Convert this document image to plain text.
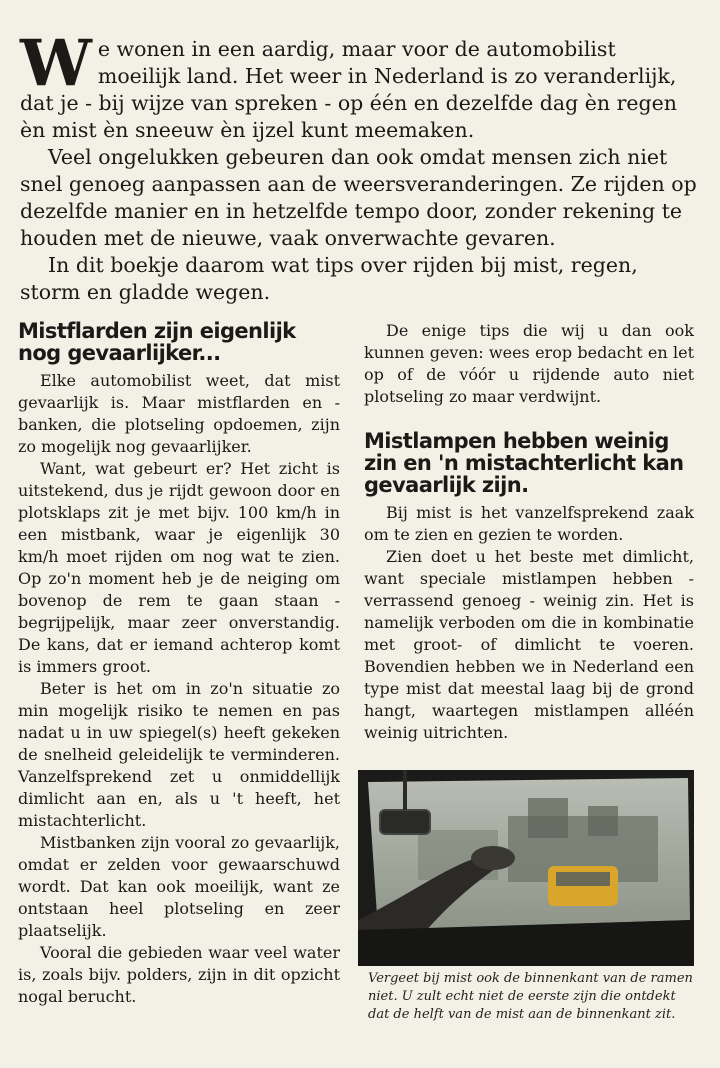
We wonen in een aardig, maar voor de automobilist moeilijk land. Het weer in Nederland is zo veranderlijk, dat je - bij wijze van spreken - op één en dezelfde dag èn regen èn mist èn sneeuw èn ijzel kunt meemaken.

Veel ongelukken gebeuren dan ook omdat mensen zich niet snel genoeg aanpassen aan de weersveranderingen. Ze rijden op dezelfde manier en in hetzelfde tempo door, zonder rekening te houden met de nieuwe, vaak onverwachte gevaren.

In dit boekje daarom wat tips over rijden bij mist, regen, storm en gladde wegen.

Mistflarden zijn eigenlijk nog gevaarlijker...

Elke automobilist weet, dat mist gevaarlijk is. Maar mistflarden en -banken, die plotseling opdoemen, zijn zo mogelijk nog gevaarlijker.

Want, wat gebeurt er? Het zicht is uitstekend, dus je rijdt gewoon door en plotsklaps zit je met bijv. 100 km/h in een mistbank, waar je eigenlijk 30 km/h moet rijden om nog wat te zien. Op zo'n moment heb je de neiging om bovenop de rem te gaan staan - begrijpelijk, maar zeer onverstandig. De kans, dat er iemand achterop komt is immers groot.

Beter is het om in zo'n situatie zo min mogelijk risiko te nemen en pas nadat u in uw spiegel(s) heeft gekeken de snelheid geleidelijk te verminderen. Vanzelfsprekend zet u onmiddellijk dimlicht aan en, als u 't heeft, het mistachterlicht.

Mistbanken zijn vooral zo gevaarlijk, omdat er zelden voor gewaarschuwd wordt. Dat kan ook moeilijk, want ze ontstaan heel plotseling en zeer plaatselijk.

Vooral die gebieden waar veel water is, zoals bijv. polders, zijn in dit opzicht nogal berucht.

De enige tips die wij u dan ook kunnen geven: wees erop bedacht en let op of de vóór u rijdende auto niet plotseling zo maar verdwijnt.

Mistlampen hebben weinig zin en 'n mistachterlicht kan gevaarlijk zijn.

Bij mist is het vanzelfsprekend zaak om te zien en gezien te worden.

Zien doet u het beste met dimlicht, want speciale mistlampen hebben - verrassend genoeg - weinig zin. Het is namelijk verboden om die in kombinatie met groot- of dimlicht te voeren. Bovendien hebben we in Nederland een type mist dat meestal laag bij de grond hangt, waartegen mistlampen alléén weinig uitrichten.

Vergeet bij mist ook de binnenkant van de ramen niet. U zult echt niet de eerste zijn die ontdekt dat de helft van de mist aan de binnenkant zit.
